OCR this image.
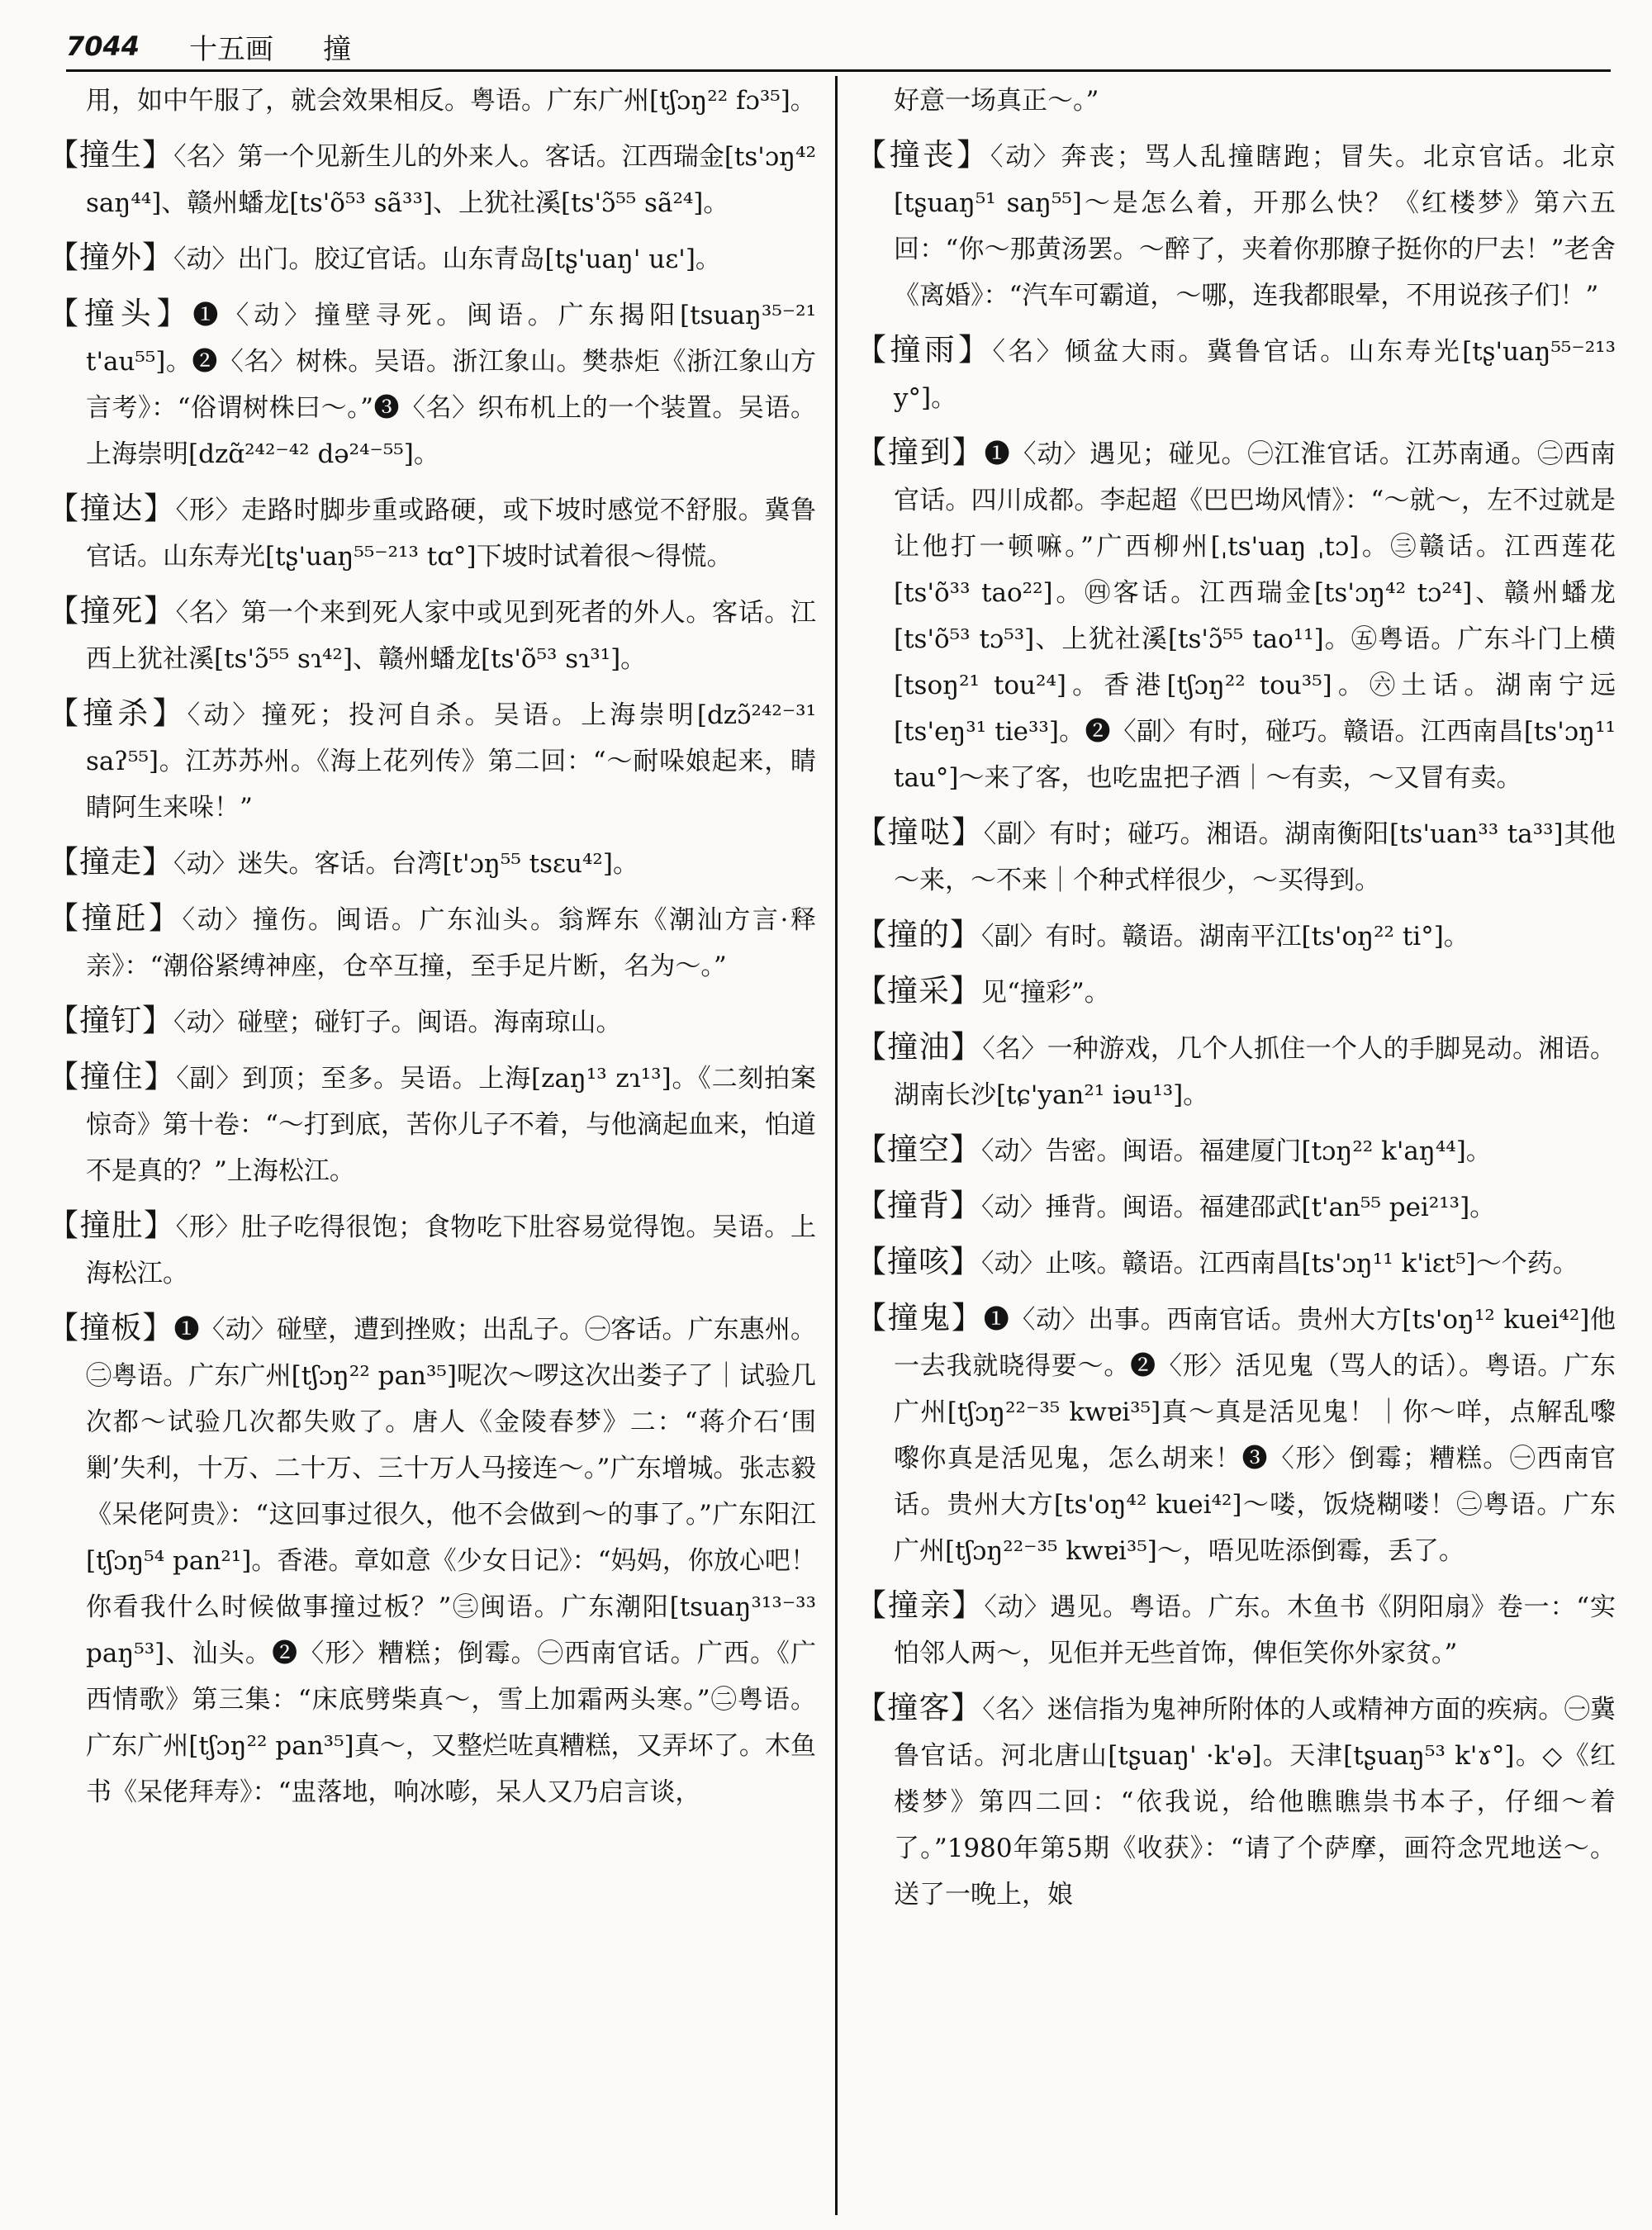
7044 十五画 撞

用，如中午服了，就会效果相反。粤语。广东广州[tʃɔŋ²² fɔ³⁵]。

【撞生】〈名〉第一个见新生儿的外来人。客话。江西瑞金[ts'ɔŋ⁴² saŋ⁴⁴]、赣州蟠龙[ts'õ⁵³ sã³³]、上犹社溪[ts'ɔ̃⁵⁵ sã²⁴]。

【撞外】〈动〉出门。胶辽官话。山东青岛[tʂ'uaŋ' uɛ']。

【撞头】❶〈动〉撞壁寻死。闽语。广东揭阳[tsuaŋ³⁵⁻²¹ t'au⁵⁵]。❷〈名〉树株。吴语。浙江象山。樊恭炬《浙江象山方言考》：“俗谓树株曰～。”❸〈名〉织布机上的一个装置。吴语。上海崇明[dzɑ̃²⁴²⁻⁴² də²⁴⁻⁵⁵]。

【撞达】〈形〉走路时脚步重或路硬，或下坡时感觉不舒服。冀鲁官话。山东寿光[tʂ'uaŋ⁵⁵⁻²¹³ tɑ°]下坡时试着很～得慌。

【撞死】〈名〉第一个来到死人家中或见到死者的外人。客话。江西上犹社溪[ts'ɔ̃⁵⁵ sɿ⁴²]、赣州蟠龙[ts'õ⁵³ sɿ³¹]。

【撞杀】〈动〉撞死；投河自杀。吴语。上海崇明[dzɔ̃²⁴²⁻³¹ saʔ⁵⁵]。江苏苏州。《海上花列传》第二回：“～耐哚娘起来，睛睛阿生来哚！”

【撞走】〈动〉迷失。客话。台湾[t'ɔŋ⁵⁵ tsɛu⁴²]。

【撞瓩】〈动〉撞伤。闽语。广东汕头。翁辉东《潮汕方言·释亲》：“潮俗紧缚神座，仓卒互撞，至手足片断，名为～。”

【撞钉】〈动〉碰壁；碰钉子。闽语。海南琼山。

【撞住】〈副〉到顶；至多。吴语。上海[zaŋ¹³ zɿ¹³]。《二刻拍案惊奇》第十卷：“～打到底，苦你儿子不着，与他滴起血来，怕道不是真的？”上海松江。

【撞肚】〈形〉肚子吃得很饱；食物吃下肚容易觉得饱。吴语。上海松江。

【撞板】❶〈动〉碰壁，遭到挫败；出乱子。㊀客话。广东惠州。㊁粤语。广东广州[tʃɔŋ²² pan³⁵]呢次～啰这次出娄子了｜试验几次都～试验几次都失败了。唐人《金陵春梦》二：“蒋介石‘围剿’失利，十万、二十万、三十万人马接连～。”广东增城。张志毅《呆佬阿贵》：“这回事过很久，他不会做到～的事了。”广东阳江[tʃɔŋ⁵⁴ pan²¹]。香港。章如意《少女日记》：“妈妈，你放心吧！你看我什么时候做事撞过板？”㊂闽语。广东潮阳[tsuaŋ³¹³⁻³³ paŋ⁵³]、汕头。❷〈形〉糟糕；倒霉。㊀西南官话。广西。《广西情歌》第三集：“床底劈柴真～，雪上加霜两头寒。”㊁粤语。广东广州[tʃɔŋ²² pan³⁵]真～，又整烂咗真糟糕，又弄坏了。木鱼书《呆佬拜寿》：“盅落地，响冰嘭，呆人又乃启言谈，

好意一场真正～。”

【撞丧】〈动〉奔丧；骂人乱撞瞎跑；冒失。北京官话。北京[tʂuaŋ⁵¹ saŋ⁵⁵]～是怎么着，开那么快？《红楼梦》第六五回：“你～那黄汤罢。～醉了，夹着你那膫子挺你的尸去！”老舍《离婚》：“汽车可霸道，～哪，连我都眼晕，不用说孩子们！”

【撞雨】〈名〉倾盆大雨。冀鲁官话。山东寿光[tʂ'uaŋ⁵⁵⁻²¹³ y°]。

【撞到】❶〈动〉遇见；碰见。㊀江淮官话。江苏南通。㊁西南官话。四川成都。李起超《巴巴坳风情》：“～就～，左不过就是让他打一顿嘛。”广西柳州[ˌts'uaŋ ˌtɔ]。㊂赣话。江西莲花[ts'õ³³ tao²²]。㊃客话。江西瑞金[ts'ɔŋ⁴² tɔ²⁴]、赣州蟠龙[ts'õ⁵³ tɔ⁵³]、上犹社溪[ts'ɔ̃⁵⁵ tao¹¹]。㊄粤语。广东斗门上横[tsoŋ²¹ tou²⁴]。香港[tʃɔŋ²² tou³⁵]。㊅土话。湖南宁远[ts'eŋ³¹ tie³³]。❷〈副〉有时，碰巧。赣语。江西南昌[ts'ɔŋ¹¹ tau°]～来了客，也吃盅把子酒｜～有卖，～又冒有卖。

【撞哒】〈副〉有时；碰巧。湘语。湖南衡阳[ts'uan³³ ta³³]其他～来，～不来｜个种式样很少，～买得到。

【撞的】〈副〉有时。赣语。湖南平江[ts'oŋ²² ti°]。

【撞采】见“撞彩”。

【撞油】〈名〉一种游戏，几个人抓住一个人的手脚晃动。湘语。湖南长沙[tɕ'yan²¹ iəu¹³]。

【撞空】〈动〉告密。闽语。福建厦门[tɔŋ²² k'aŋ⁴⁴]。

【撞背】〈动〉捶背。闽语。福建邵武[t'an⁵⁵ pei²¹³]。

【撞咳】〈动〉止咳。赣语。江西南昌[ts'ɔŋ¹¹ k'iɛt⁵]～个药。

【撞鬼】❶〈动〉出事。西南官话。贵州大方[ts'oŋ¹² kuei⁴²]他一去我就晓得要～。❷〈形〉活见鬼（骂人的话）。粤语。广东广州[tʃɔŋ²²⁻³⁵ kwɐi³⁵]真～真是活见鬼！｜你～咩，点解乱嚟嚟你真是活见鬼，怎么胡来！❸〈形〉倒霉；糟糕。㊀西南官话。贵州大方[ts'oŋ⁴² kuei⁴²]～喽，饭烧糊喽！㊁粤语。广东广州[tʃɔŋ²²⁻³⁵ kwɐi³⁵]～，唔见咗添倒霉，丢了。

【撞亲】〈动〉遇见。粤语。广东。木鱼书《阴阳扇》卷一：“实怕邻人两～，见佢并无些首饰，俾佢笑你外家贫。”

【撞客】〈名〉迷信指为鬼神所附体的人或精神方面的疾病。㊀冀鲁官话。河北唐山[tʂuaŋ' ·k'ə]。天津[tʂuaŋ⁵³ k'ɤ°]。◇《红楼梦》第四二回：“依我说，给他瞧瞧祟书本子，仔细～着了。”1980年第5期《收获》：“请了个萨摩，画符念咒地送～。送了一晚上，娘
